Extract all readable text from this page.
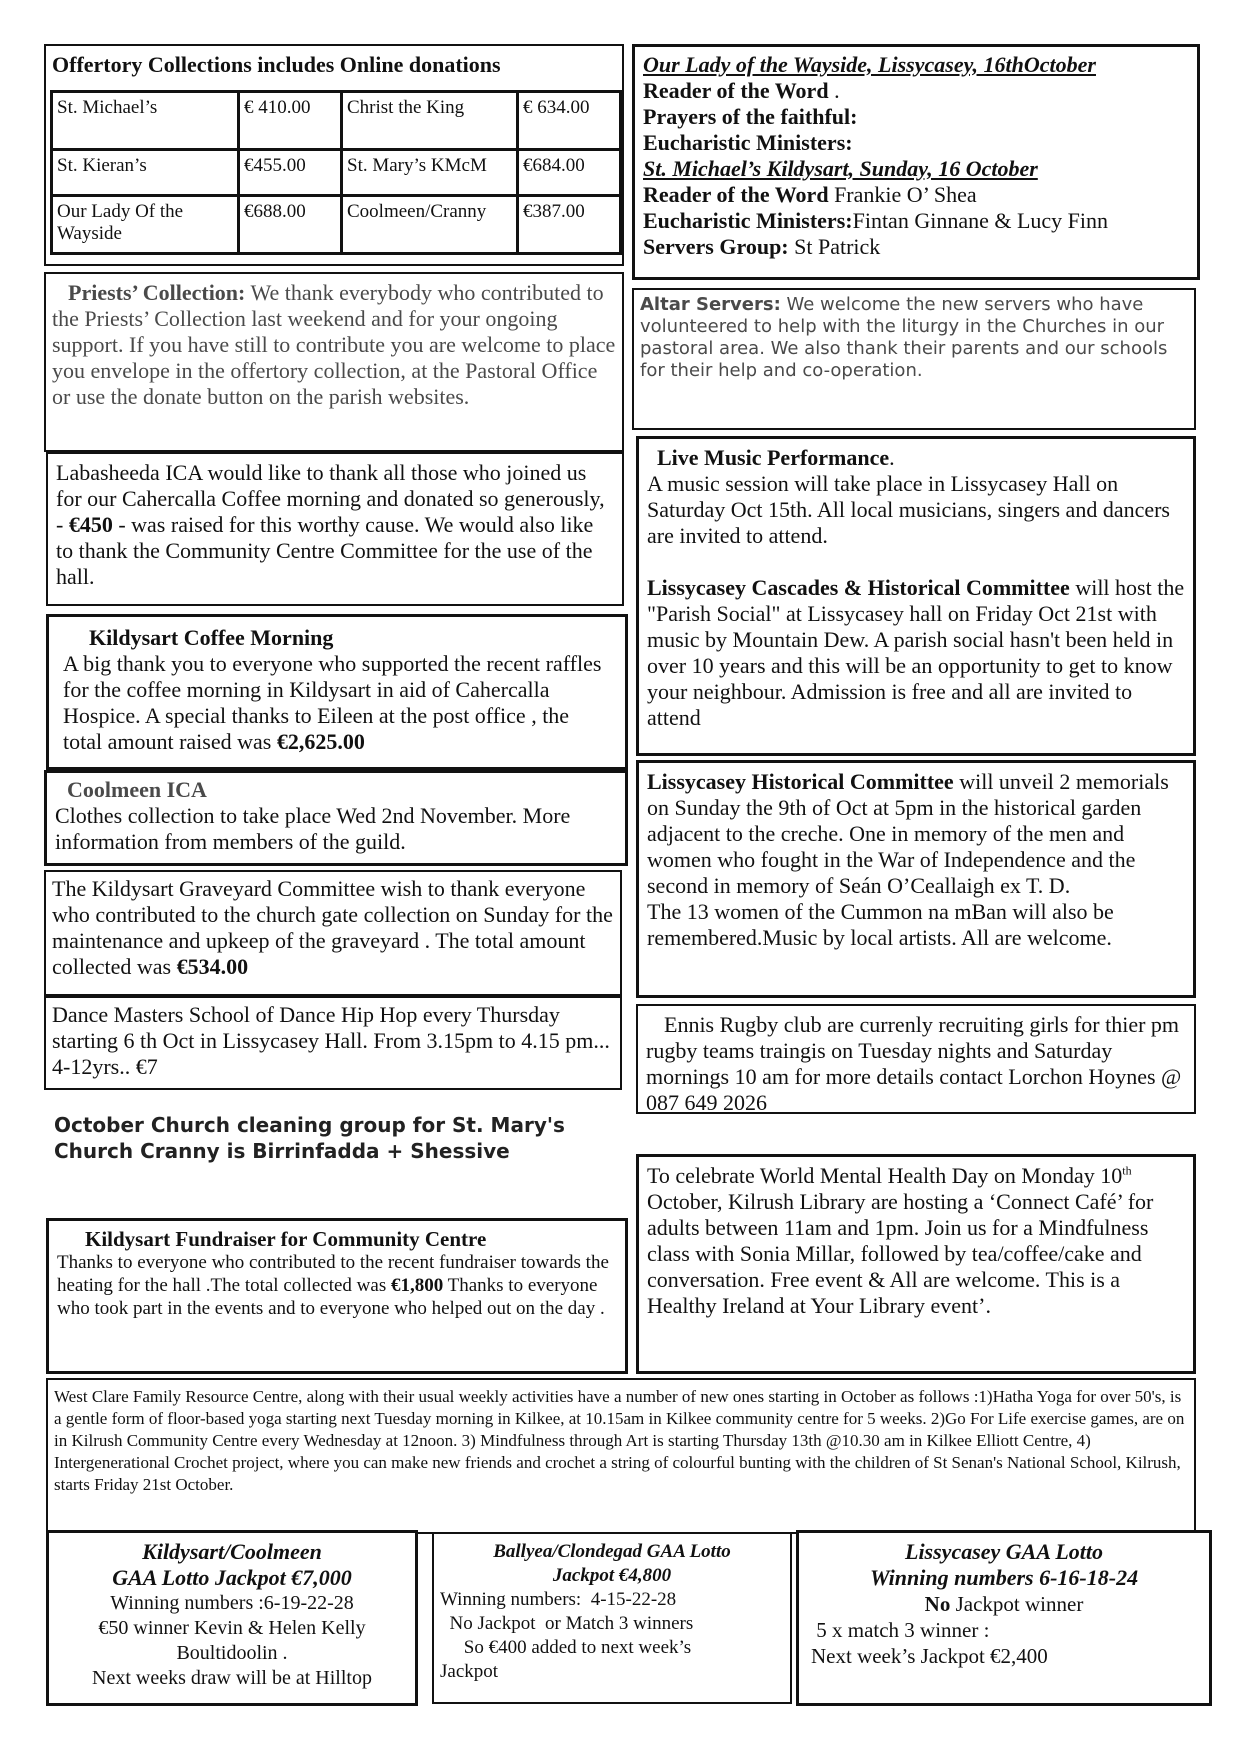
Offertory Collections includes Online donations
St. Michael’s	€ 410.00	Christ the King	€ 634.00
St. Kieran’s	€455.00	St. Mary’s KMcM	€684.00
Our Lady Of the Wayside	€688.00	Coolmeen/Cranny	€387.00
Our Lady of the Wayside, Lissycasey, 16thOctober
Reader of the Word .
Prayers of the faithful:
Eucharistic Ministers:
St. Michael’s Kildysart, Sunday, 16 October
Reader of the Word Frankie O’ Shea
Eucharistic Ministers:Fintan Ginnane & Lucy Finn
Servers Group: St Patrick

Priests’ Collection: We thank everybody who contributed to the Priests’ Collection last weekend and for your ongoing support. If you have still to contribute you are welcome to place you envelope in the offertory collection, at the Pastoral Office or use the donate button on the parish websites.

Altar Servers: We welcome the new servers who have volunteered to help with the liturgy in the Churches in our pastoral area. We also thank their parents and our schools for their help and co-operation.

Labasheeda ICA would like to thank all those who joined us for our Cahercalla Coffee morning and donated so generously, - €450 - was raised for this worthy cause. We would also like to thank the Community Centre Committee for the use of the hall.

Live Music Performance.

A music session will take place in Lissycasey Hall on Saturday Oct 15th. All local musicians, singers and dancers are invited to attend.

Lissycasey Cascades & Historical Committee will host the "Parish Social" at Lissycasey hall on Friday Oct 21st with music by Mountain Dew. A parish social hasn't been held in over 10 years and this will be an opportunity to get to know your neighbour. Admission is free and all are invited to attend

Kildysart Coffee Morning

A big thank you to everyone who supported the recent raffles for the coffee morning in Kildysart in aid of Cahercalla Hospice. A special thanks to Eileen at the post office , the total amount raised was €2,625.00

Coolmeen ICA

Clothes collection to take place Wed 2nd November. More information from members of the guild.

Lissycasey Historical Committee will unveil 2 memorials on Sunday the 9th of Oct at 5pm in the historical garden adjacent to the creche. One in memory of the men and women who fought in the War of Independence and the second in memory of Seán O’Ceallaigh ex T. D.

The 13 women of the Cummon na mBan will also be remembered.Music by local artists. All are welcome.

The Kildysart Graveyard Committee wish to thank everyone who contributed to the church gate collection on Sunday for the maintenance and upkeep of the graveyard . The total amount collected was €534.00

Dance Masters School of Dance Hip Hop every Thursday starting 6 th Oct in Lissycasey Hall. From 3.15pm to 4.15 pm... 4-12yrs.. €7

Ennis Rugby club are currenly recruiting girls for thier pm rugby teams traingis on Tuesday nights and Saturday mornings 10 am for more details contact Lorchon Hoynes @ 087 649 2026

October Church cleaning group for St. Mary's Church Cranny is Birrinfadda + Shessive

To celebrate World Mental Health Day on Monday 10th October, Kilrush Library are hosting a ‘Connect Café’ for adults between 11am and 1pm. Join us for a Mindfulness class with Sonia Millar, followed by tea/coffee/cake and conversation. Free event & All are welcome. This is a Healthy Ireland at Your Library event’.

Kildysart Fundraiser for Community Centre

Thanks to everyone who contributed to the recent fundraiser towards the heating for the hall .The total collected was €1,800 Thanks to everyone who took part in the events and to everyone who helped out on the day .

West Clare Family Resource Centre, along with their usual weekly activities have a number of new ones starting in October as follows :1)Hatha Yoga for over 50's, is a gentle form of floor-based yoga starting next Tuesday morning in Kilkee, at 10.15am in Kilkee community centre for 5 weeks. 2)Go For Life exercise games, are on in Kilrush Community Centre every Wednesday at 12noon. 3) Mindfulness through Art is starting Thursday 13th @10.30 am in Kilkee Elliott Centre, 4) Intergenerational Crochet project, where you can make new friends and crochet a string of colourful bunting with the children of St Senan's National School, Kilrush, starts Friday 21st October.

Kildysart/Coolmeen
GAA Lotto Jackpot €7,000
Winning numbers :6-19-22-28
€50 winner Kevin & Helen Kelly
Boultidoolin .
Next weeks draw will be at Hilltop
Ballyea/Clondegad GAA Lotto
Jackpot €4,800
Winning numbers:  4-15-22-28
No Jackpot  or Match 3 winners
So €400 added to next week’s
Jackpot
Lissycasey GAA Lotto
Winning numbers 6-16-18-24
No Jackpot winner
5 x match 3 winner :
Next week’s Jackpot €2,400
